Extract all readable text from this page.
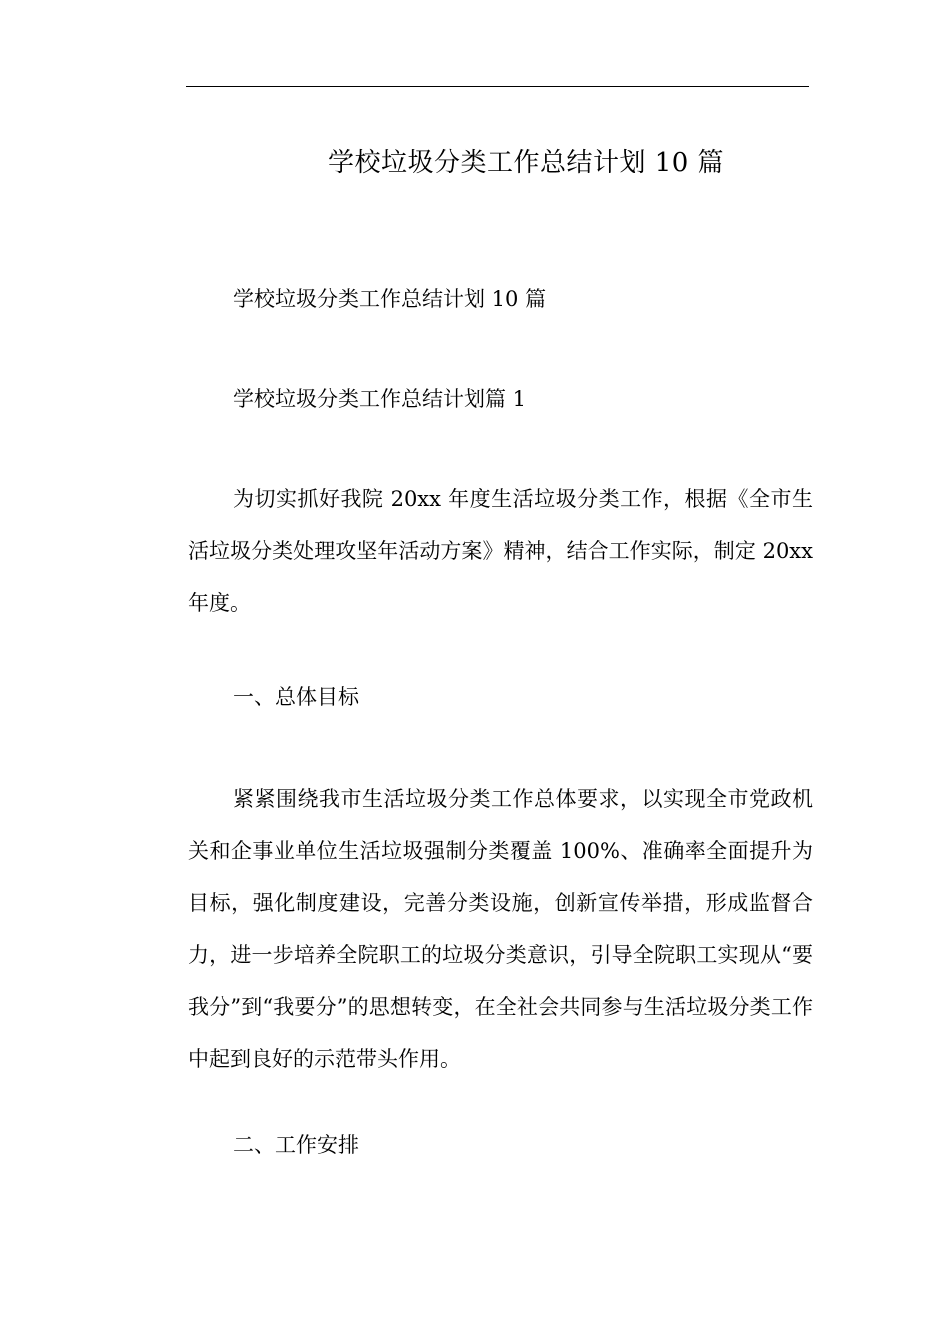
学校垃圾分类工作总结计划 10 篇
学校垃圾分类工作总结计划 10 篇
学校垃圾分类工作总结计划篇 1
为切实抓好我院 20xx 年度生活垃圾分类工作，根据《全市生活垃圾分类处理攻坚年活动方案》精神，结合工作实际，制定 20xx 年度。
一、总体目标
紧紧围绕我市生活垃圾分类工作总体要求，以实现全市党政机关和企事业单位生活垃圾强制分类覆盖 100%、准确率全面提升为目标，强化制度建设，完善分类设施，创新宣传举措，形成监督合力，进一步培养全院职工的垃圾分类意识，引导全院职工实现从“要我分”到“我要分”的思想转变，在全社会共同参与生活垃圾分类工作中起到良好的示范带头作用。
二、工作安排
